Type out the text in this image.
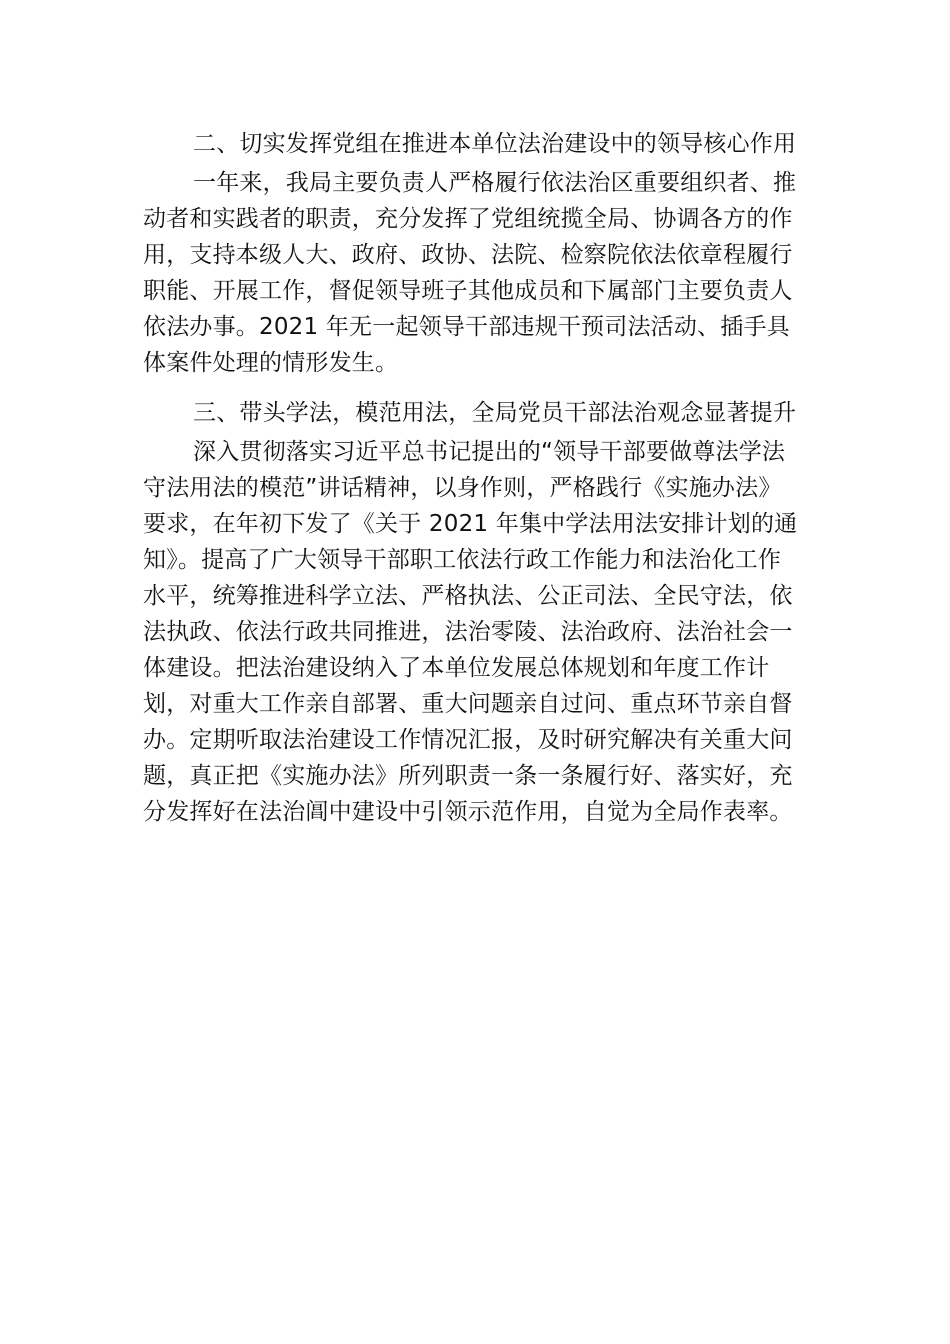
二、切实发挥党组在推进本单位法治建设中的领导核心作用

一年来，我局主要负责人严格履行依法治区重要组织者、推动者和实践者的职责，充分发挥了党组统揽全局、协调各方的作用，支持本级人大、政府、政协、法院、检察院依法依章程履行职能、开展工作，督促领导班子其他成员和下属部门主要负责人依法办事。2021 年无一起领导干部违规干预司法活动、插手具体案件处理的情形发生。

三、带头学法，模范用法，全局党员干部法治观念显著提升

深入贯彻落实习近平总书记提出的“领导干部要做尊法学法守法用法的模范”讲话精神，以身作则，严格践行《实施办法》要求，在年初下发了《关于 2021 年集中学法用法安排计划的通知》。提高了广大领导干部职工依法行政工作能力和法治化工作水平，统筹推进科学立法、严格执法、公正司法、全民守法，依法执政、依法行政共同推进，法治零陵、法治政府、法治社会一体建设。把法治建设纳入了本单位发展总体规划和年度工作计划，对重大工作亲自部署、重大问题亲自过问、重点环节亲自督办。定期听取法治建设工作情况汇报，及时研究解决有关重大问题，真正把《实施办法》所列职责一条一条履行好、落实好，充分发挥好在法治阊中建设中引领示范作用，自觉为全局作表率。
